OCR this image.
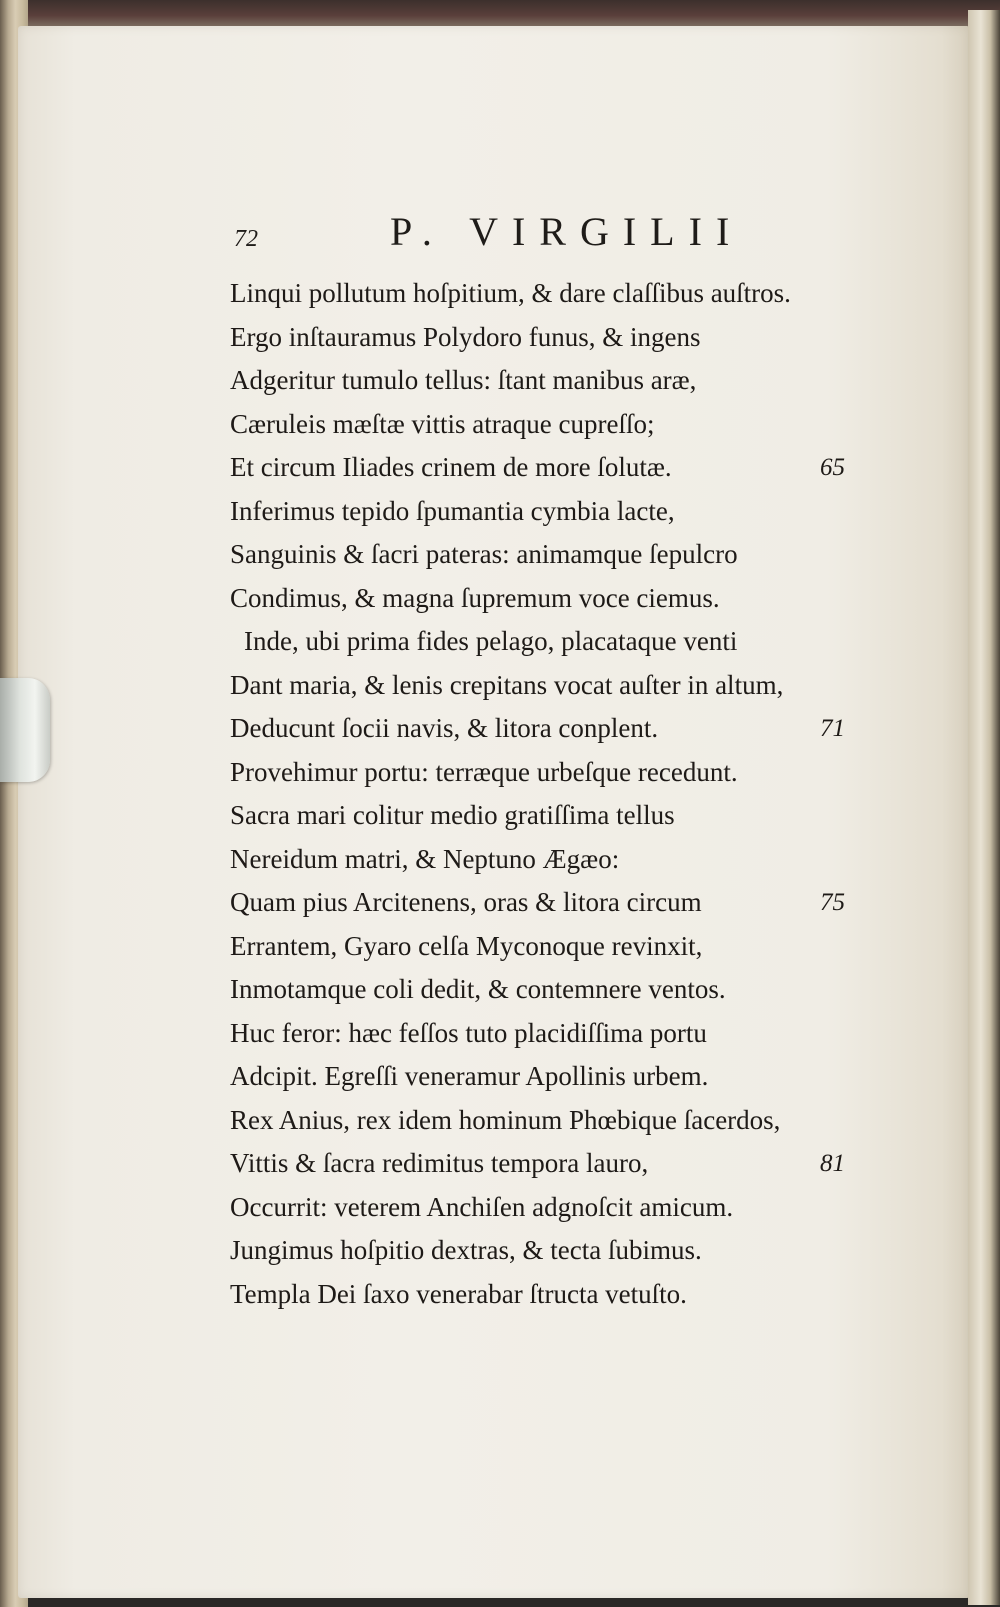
72	P. VIRGILII
Linqui pollutum hoſpitium, & dare claſſibus auſtros.
Ergo inſtauramus Polydoro funus, & ingens
Adgeritur tumulo tellus: ſtant manibus aræ,
Cæruleis mæſtæ vittis atraque cupreſſo;
Et circum Iliades crinem de more ſolutæ.	65
Inferimus tepido ſpumantia cymbia lacte,
Sanguinis & ſacri pateras: animamque ſepulcro
Condimus, & magna ſupremum voce ciemus.
Inde, ubi prima fides pelago, placataque venti
Dant maria, & lenis crepitans vocat auſter in altum,
Deducunt ſocii navis, & litora conplent.	71
Provehimur portu: terræque urbeſque recedunt.
Sacra mari colitur medio gratiſſima tellus
Nereidum matri, & Neptuno Ægæo:
Quam pius Arcitenens, oras & litora circum	75
Errantem, Gyaro celſa Myconoque revinxit,
Inmotamque coli dedit, & contemnere ventos.
Huc feror: hæc feſſos tuto placidiſſima portu
Adcipit. Egreſſi veneramur Apollinis urbem.
Rex Anius, rex idem hominum Phœbique ſacerdos,
Vittis & ſacra redimitus tempora lauro,	81
Occurrit: veterem Anchiſen adgnoſcit amicum.
Jungimus hoſpitio dextras, & tecta ſubimus.
Templa Dei ſaxo venerabar ſtructa vetuſto.
